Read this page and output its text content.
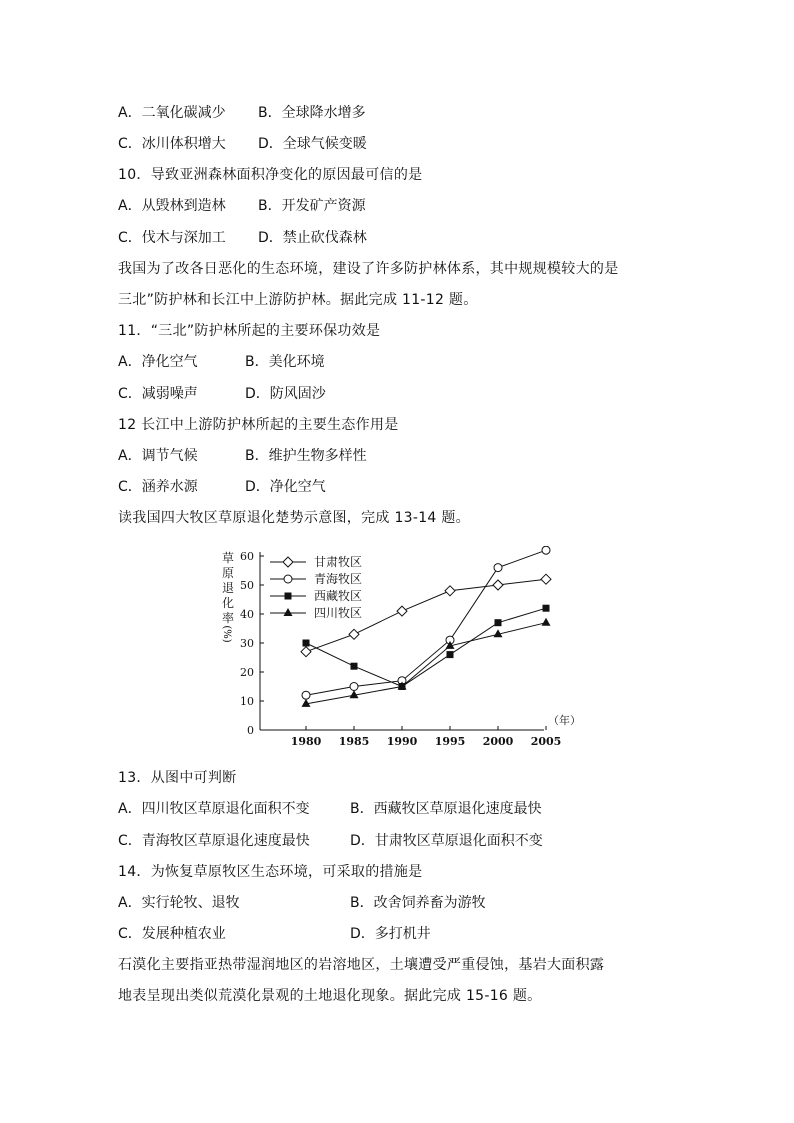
A．二氧化碳减少 B．全球降水增多
C．冰川体积增大 D．全球气候变暖
10．导致亚洲森林面积净变化的原因最可信的是
A．从毁林到造林 B．开发矿产资源
C．伐木与深加工 D．禁止砍伐森林
我国为了改各日恶化的生态环境，建设了许多防护林体系，其中规规模较大的是
三北”防护林和长江中上游防护林。据此完成 11-12 题。
11．“三北”防护林所起的主要环保功效是
A．净化空气	B．美化环境
C．减弱噪声	D．防风固沙
12 长江中上游防护林所起的主要生态作用是
A．调节气候	B．维护生物多样性
C．涵养水源	D．净化空气
读我国四大牧区草原退化楚势示意图，完成 13-14 题。
0
10
20
30
40
50
60
1980 1985 1990 1995 2000 2005
（年）
草
原
退
化
率
(%)
甘肃牧区
青海牧区
西藏牧区
四川牧区
13．从图中可判断
A．四川牧区草原退化面积不变	B．西藏牧区草原退化速度最快
C．青海牧区草原退化速度最快	D．甘肃牧区草原退化面积不变
14．为恢复草原牧区生态环境，可采取的措施是
A．实行轮牧、退牧	B．改舍饲养畜为游牧
C．发展种植农业	D．多打机井
石漠化主要指亚热带湿润地区的岩溶地区，土壤遭受严重侵蚀，基岩大面积露
地表呈现出类似荒漠化景观的土地退化现象。据此完成 15-16 题。
